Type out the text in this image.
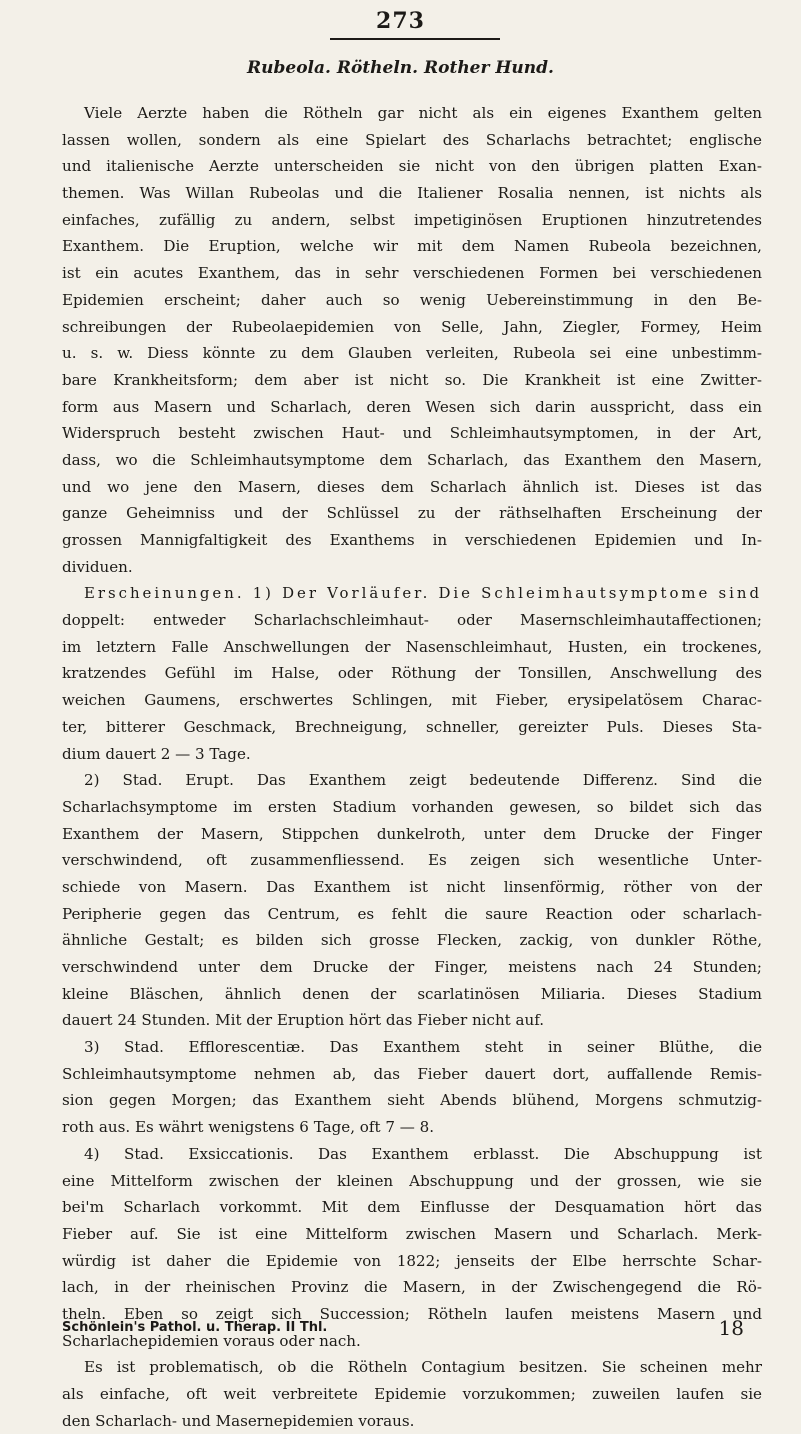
273
Rubeola. Rötheln. Rother Hund.
Viele Aerzte haben die Rötheln gar nicht als ein eigenes Exanthem gelten
lassen wollen, sondern als eine Spielart des Scharlachs betrachtet; englische
und italienische Aerzte unterscheiden sie nicht von den übrigen platten Exan-
themen. Was Willan Rubeolas und die Italiener Rosalia nennen, ist nichts als
einfaches, zufällig zu andern, selbst impetiginösen Eruptionen hinzutretendes
Exanthem. Die Eruption, welche wir mit dem Namen Rubeola bezeichnen,
ist ein acutes Exanthem, das in sehr verschiedenen Formen bei verschiedenen
Epidemien erscheint; daher auch so wenig Uebereinstimmung in den Be-
schreibungen der Rubeolaepidemien von Selle, Jahn, Ziegler, Formey, Heim
u. s. w. Diess könnte zu dem Glauben verleiten, Rubeola sei eine unbestimm-
bare Krankheitsform; dem aber ist nicht so. Die Krankheit ist eine Zwitter-
form aus Masern und Scharlach, deren Wesen sich darin ausspricht, dass ein
Widerspruch besteht zwischen Haut- und Schleimhautsymptomen, in der Art,
dass, wo die Schleimhautsymptome dem Scharlach, das Exanthem den Masern,
und wo jene den Masern, dieses dem Scharlach ähnlich ist. Dieses ist das
ganze Geheimniss und der Schlüssel zu der räthselhaften Erscheinung der
grossen Mannigfaltigkeit des Exanthems in verschiedenen Epidemien und In-
dividuen.
Erscheinungen. 1) Der Vorläufer. Die Schleimhautsymptome sind
doppelt: entweder Scharlachschleimhaut- oder Masernschleimhautaffectionen;
im letztern Falle Anschwellungen der Nasenschleimhaut, Husten, ein trockenes,
kratzendes Gefühl im Halse, oder Röthung der Tonsillen, Anschwellung des
weichen Gaumens, erschwertes Schlingen, mit Fieber, erysipelatösem Charac-
ter, bitterer Geschmack, Brechneigung, schneller, gereizter Puls. Dieses Sta-
dium dauert 2 — 3 Tage.
2) Stad. Erupt. Das Exanthem zeigt bedeutende Differenz. Sind die
Scharlachsymptome im ersten Stadium vorhanden gewesen, so bildet sich das
Exanthem der Masern, Stippchen dunkelroth, unter dem Drucke der Finger
verschwindend, oft zusammenfliessend. Es zeigen sich wesentliche Unter-
schiede von Masern. Das Exanthem ist nicht linsenförmig, röther von der
Peripherie gegen das Centrum, es fehlt die saure Reaction oder scharlach-
ähnliche Gestalt; es bilden sich grosse Flecken, zackig, von dunkler Röthe,
verschwindend unter dem Drucke der Finger, meistens nach 24 Stunden;
kleine Bläschen, ähnlich denen der scarlatinösen Miliaria. Dieses Stadium
dauert 24 Stunden. Mit der Eruption hört das Fieber nicht auf.
3) Stad. Efflorescentiæ. Das Exanthem steht in seiner Blüthe, die
Schleimhautsymptome nehmen ab, das Fieber dauert dort, auffallende Remis-
sion gegen Morgen; das Exanthem sieht Abends blühend, Morgens schmutzig-
roth aus. Es währt wenigstens 6 Tage, oft 7 — 8.
4) Stad. Exsiccationis. Das Exanthem erblasst. Die Abschuppung ist
eine Mittelform zwischen der kleinen Abschuppung und der grossen, wie sie
bei'm Scharlach vorkommt. Mit dem Einflusse der Desquamation hört das
Fieber auf. Sie ist eine Mittelform zwischen Masern und Scharlach. Merk-
würdig ist daher die Epidemie von 1822; jenseits der Elbe herrschte Schar-
lach, in der rheinischen Provinz die Masern, in der Zwischengegend die Rö-
theln. Eben so zeigt sich Succession; Rötheln laufen meistens Masern und
Scharlachepidemien voraus oder nach.
Es ist problematisch, ob die Rötheln Contagium besitzen. Sie scheinen mehr
als einfache, oft weit verbreitete Epidemie vorzukommen; zuweilen laufen sie
den Scharlach- und Masernepidemien voraus.
Schönlein's Pathol. u. Therap. II Thl.	18
